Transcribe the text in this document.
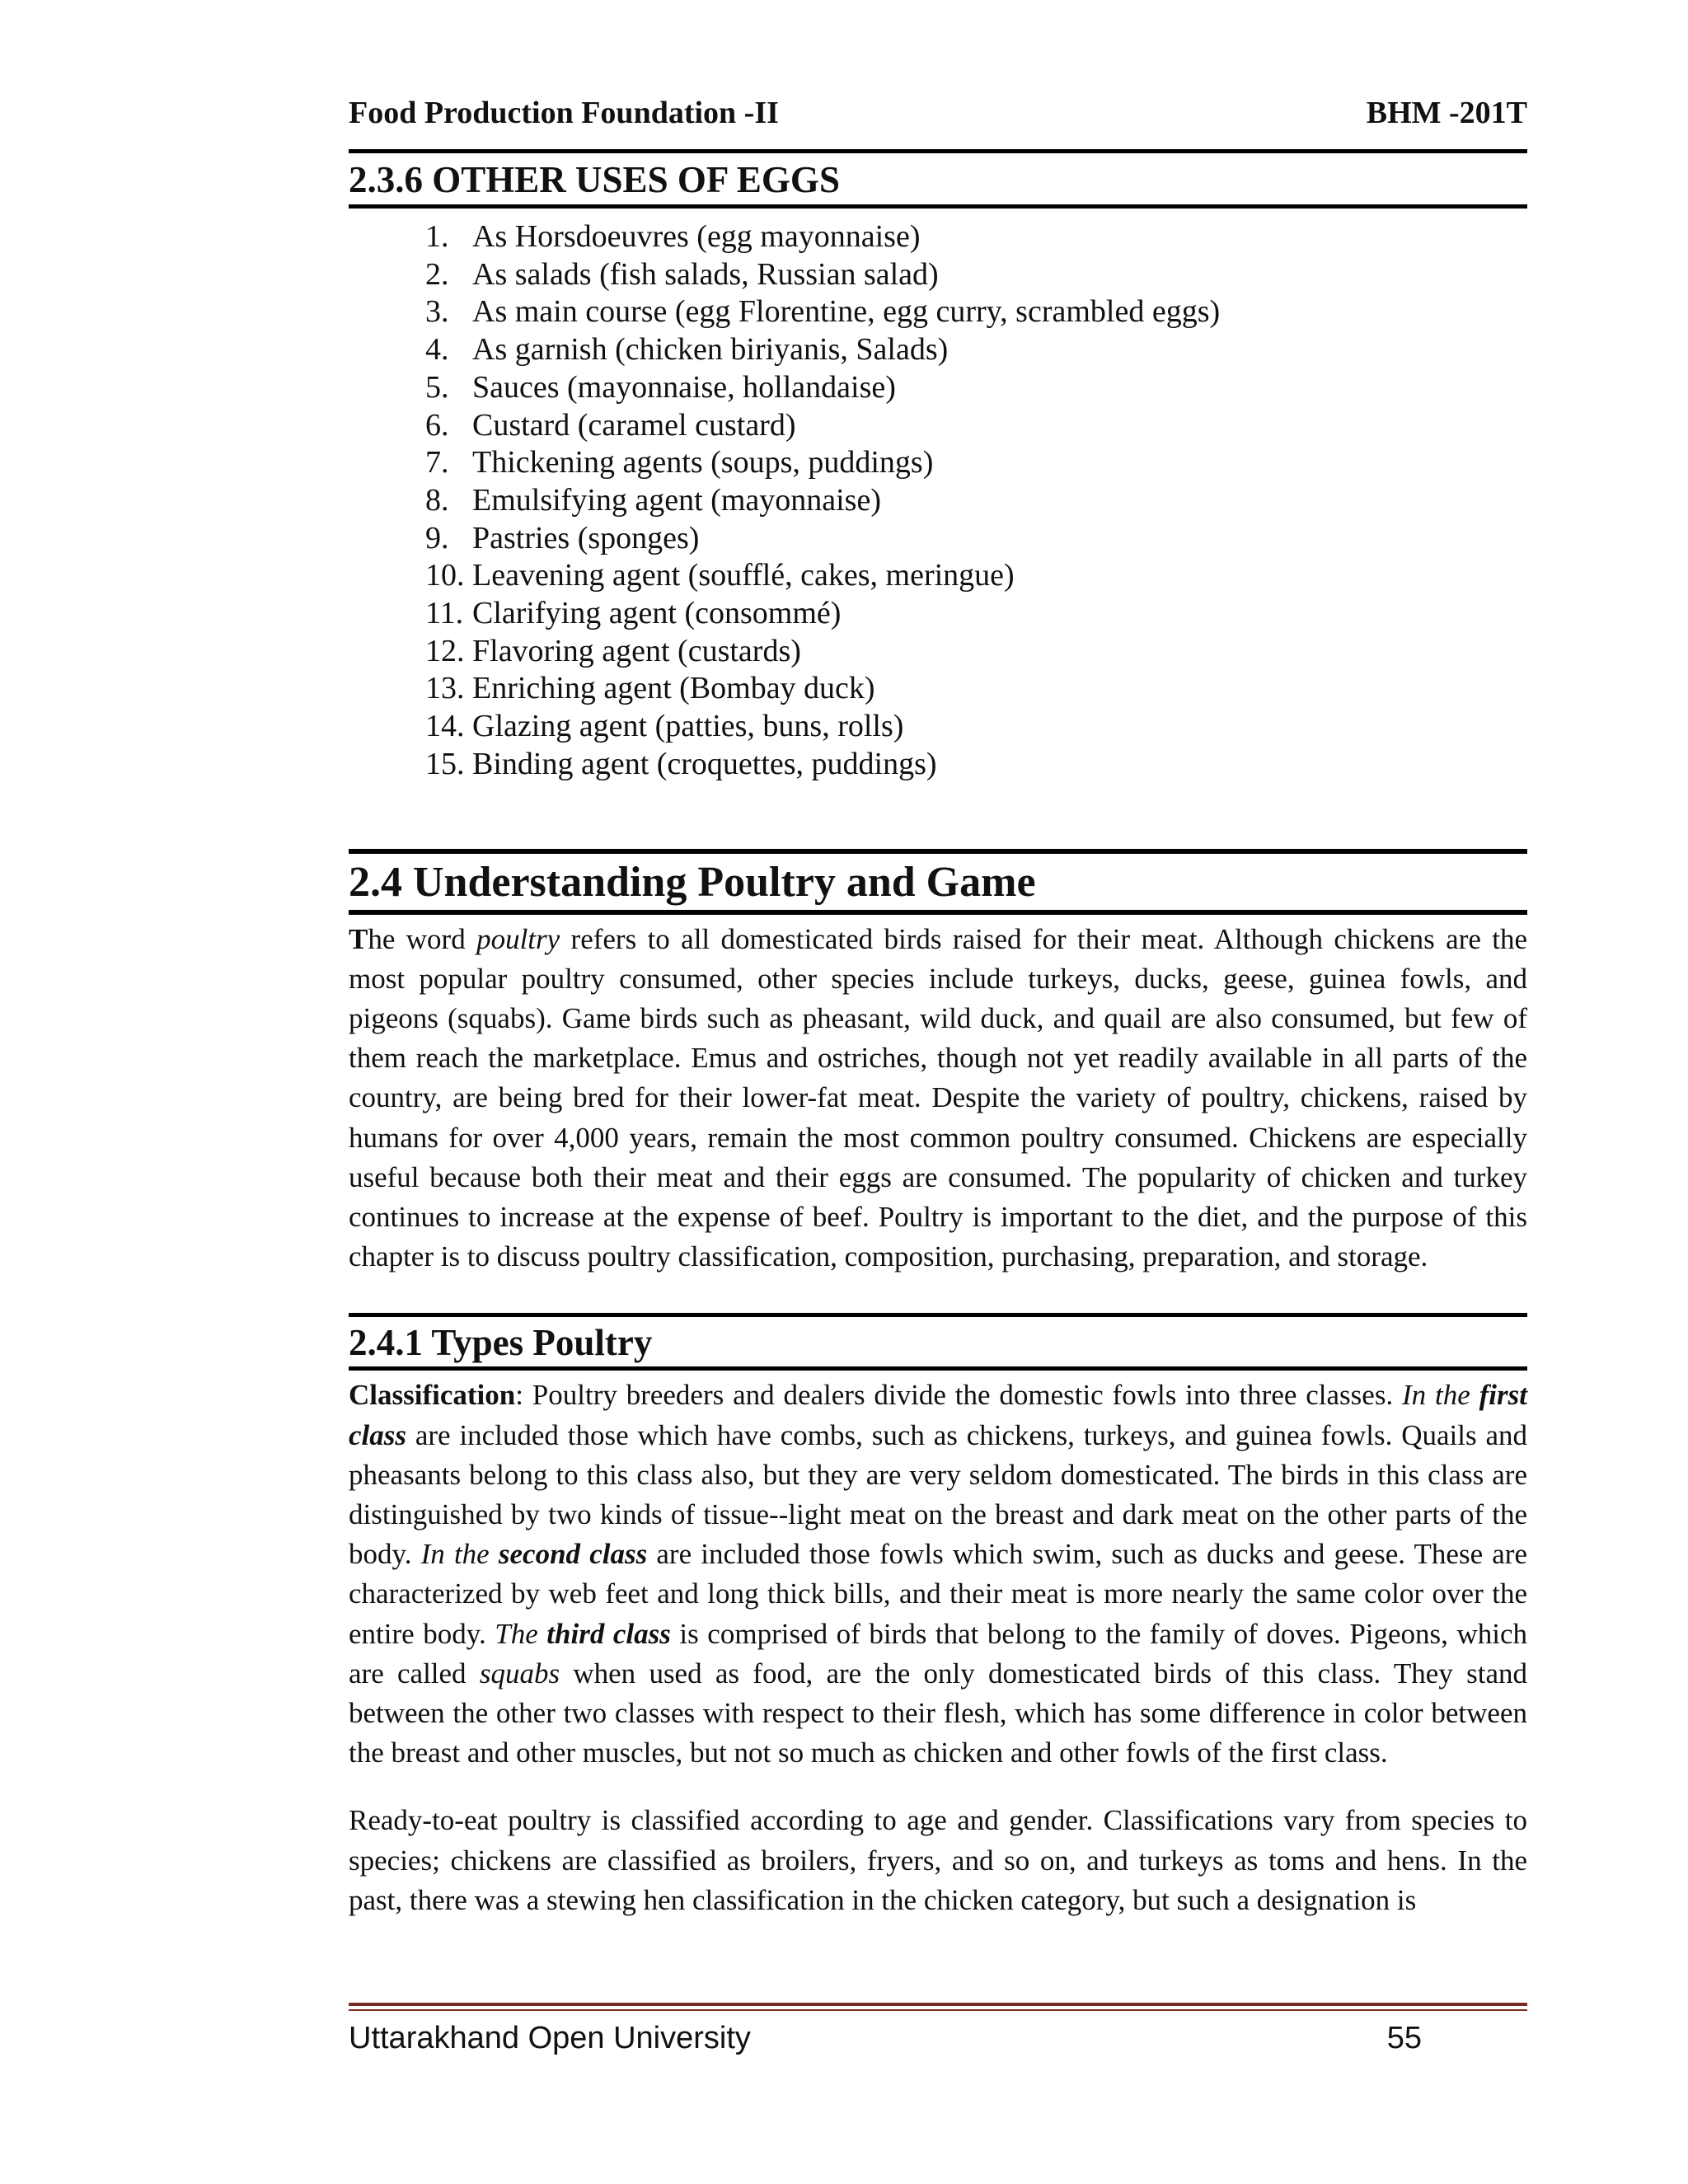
Food Production Foundation -II	BHM -201T
2.3.6 OTHER USES OF EGGS
1. As Horsdoeuvres (egg mayonnaise)
2. As salads (fish salads, Russian salad)
3. As main course (egg Florentine, egg curry, scrambled eggs)
4. As garnish (chicken biriyanis, Salads)
5. Sauces (mayonnaise, hollandaise)
6. Custard (caramel custard)
7. Thickening agents (soups, puddings)
8. Emulsifying agent (mayonnaise)
9. Pastries (sponges)
10. Leavening agent (soufflé, cakes, meringue)
11. Clarifying agent (consommé)
12. Flavoring agent (custards)
13. Enriching agent (Bombay duck)
14. Glazing agent (patties, buns, rolls)
15. Binding agent (croquettes, puddings)
2.4 Understanding Poultry and Game

The word poultry refers to all domesticated birds raised for their meat. Although chickens are the most popular poultry consumed, other species include turkeys, ducks, geese, guinea fowls, and pigeons (squabs). Game birds such as pheasant, wild duck, and quail are also consumed, but few of them reach the marketplace. Emus and ostriches, though not yet readily available in all parts of the country, are being bred for their lower-fat meat. Despite the variety of poultry, chickens, raised by humans for over 4,000 years, remain the most common poultry consumed. Chickens are especially useful because both their meat and their eggs are consumed. The popularity of chicken and turkey continues to increase at the expense of beef. Poultry is important to the diet, and the purpose of this chapter is to discuss poultry classification, composition, purchasing, preparation, and storage.

2.4.1 Types Poultry

Classification: Poultry breeders and dealers divide the domestic fowls into three classes. In the first class are included those which have combs, such as chickens, turkeys, and guinea fowls. Quails and pheasants belong to this class also, but they are very seldom domesticated. The birds in this class are distinguished by two kinds of tissue--light meat on the breast and dark meat on the other parts of the body. In the second class are included those fowls which swim, such as ducks and geese. These are characterized by web feet and long thick bills, and their meat is more nearly the same color over the entire body. The third class is comprised of birds that belong to the family of doves. Pigeons, which are called squabs when used as food, are the only domesticated birds of this class. They stand between the other two classes with respect to their flesh, which has some difference in color between the breast and other muscles, but not so much as chicken and other fowls of the first class.

Ready-to-eat poultry is classified according to age and gender. Classifications vary from species to species; chickens are classified as broilers, fryers, and so on, and turkeys as toms and hens. In the past, there was a stewing hen classification in the chicken category, but such a designation is

Uttarakhand Open University	55
